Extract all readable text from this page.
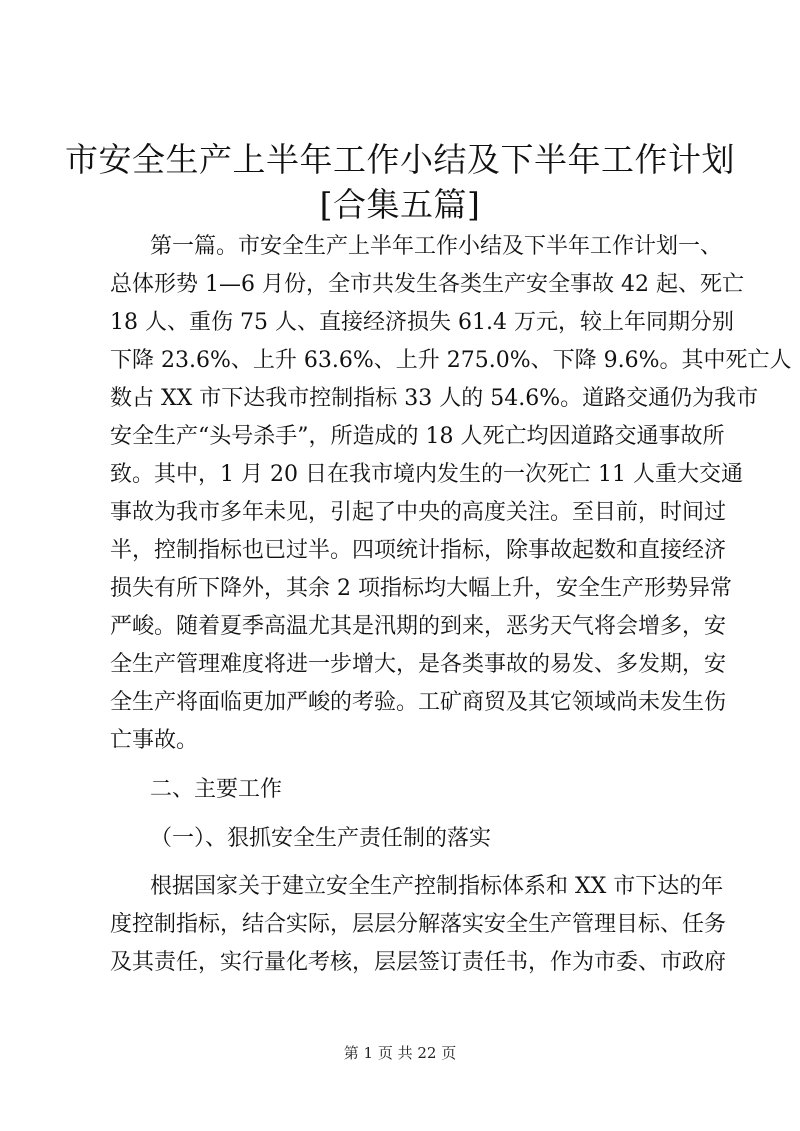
市安全生产上半年工作小结及下半年工作计划
[合集五篇]
第一篇。市安全生产上半年工作小结及下半年工作计划一、
总体形势 1—6 月份，全市共发生各类生产安全事故 42 起、死亡
18 人、重伤 75 人、直接经济损失 61.4 万元，较上年同期分别
下降 23.6%、上升 63.6%、上升 275.0%、下降 9.6%。其中死亡人
数占 XX 市下达我市控制指标 33 人的 54.6%。道路交通仍为我市
安全生产“头号杀手”，所造成的 18 人死亡均因道路交通事故所
致。其中，1 月 20 日在我市境内发生的一次死亡 11 人重大交通
事故为我市多年未见，引起了中央的高度关注。至目前，时间过
半，控制指标也已过半。四项统计指标，除事故起数和直接经济
损失有所下降外，其余 2 项指标均大幅上升，安全生产形势异常
严峻。随着夏季高温尤其是汛期的到来，恶劣天气将会增多，安
全生产管理难度将进一步增大，是各类事故的易发、多发期，安
全生产将面临更加严峻的考验。工矿商贸及其它领域尚未发生伤
亡事故。
二、主要工作
（一）、狠抓安全生产责任制的落实
根据国家关于建立安全生产控制指标体系和 XX 市下达的年
度控制指标，结合实际，层层分解落实安全生产管理目标、任务
及其责任，实行量化考核，层层签订责任书，作为市委、市政府
第 1 页 共 22 页
